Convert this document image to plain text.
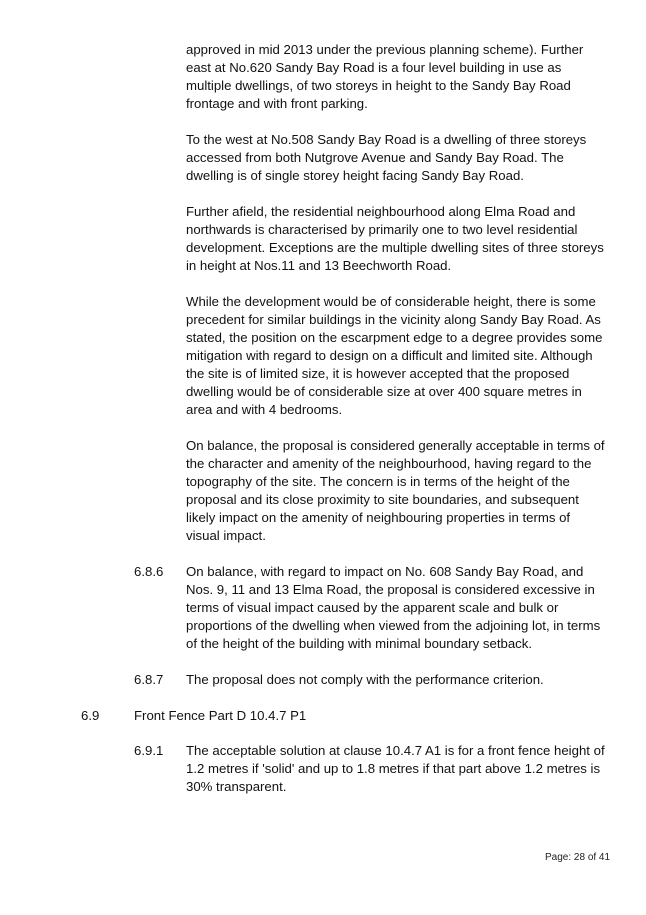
approved in mid 2013 under the previous planning scheme). Further east at No.620 Sandy Bay Road is a four level building in use as multiple dwellings, of two storeys in height to the Sandy Bay Road frontage and with front parking.

To the west at No.508 Sandy Bay Road is a dwelling of three storeys accessed from both Nutgrove Avenue and Sandy Bay Road. The dwelling is of single storey height facing Sandy Bay Road.

Further afield, the residential neighbourhood along Elma Road and northwards is characterised by primarily one to two level residential development. Exceptions are the multiple dwelling sites of three storeys in height at Nos.11 and 13 Beechworth Road.

While the development would be of considerable height, there is some precedent for similar buildings in the vicinity along Sandy Bay Road. As stated, the position on the escarpment edge to a degree provides some mitigation with regard to design on a difficult and limited site. Although the site is of limited size, it is however accepted that the proposed dwelling would be of considerable size at over 400 square metres in area and with 4 bedrooms.

On balance, the proposal is considered generally acceptable in terms of the character and amenity of the neighbourhood, having regard to the topography of the site. The concern is in terms of the height of the proposal and its close proximity to site boundaries, and subsequent likely impact on the amenity of neighbouring properties in terms of visual impact.

6.8.6 On balance, with regard to impact on No. 608 Sandy Bay Road, and Nos. 9, 11 and 13 Elma Road, the proposal is considered excessive in terms of visual impact caused by the apparent scale and bulk or proportions of the dwelling when viewed from the adjoining lot, in terms of the height of the building with minimal boundary setback.

6.8.7 The proposal does not comply with the performance criterion.

6.9	Front Fence Part D 10.4.7 P1

6.9.1 The acceptable solution at clause 10.4.7 A1 is for a front fence height of 1.2 metres if 'solid' and up to 1.8 metres if that part above 1.2 metres is 30% transparent.

Page: 28 of 41
